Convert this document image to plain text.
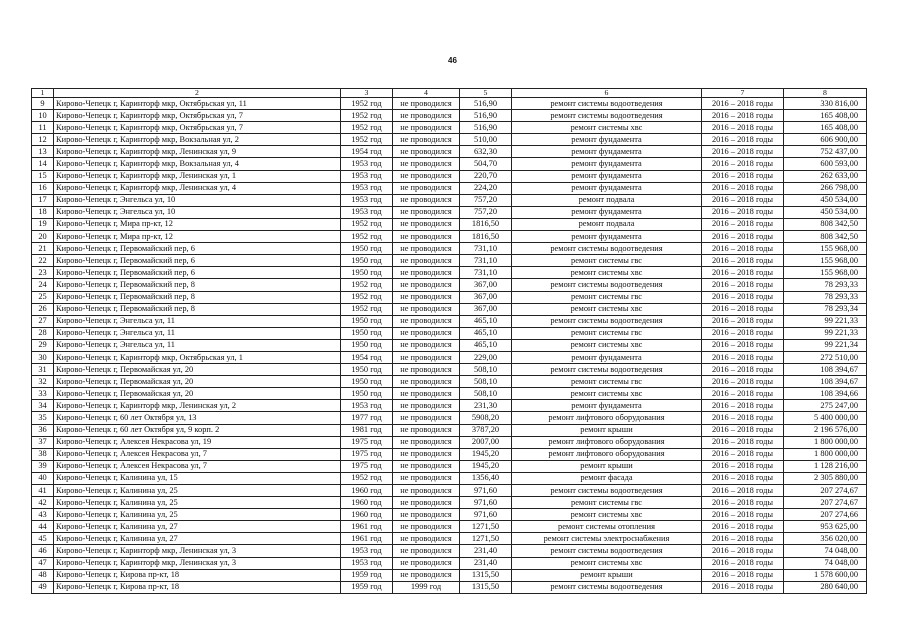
46
1	2	3	4	5	6	7	8
9	Кирово-Чепецк г, Каринторф мкр, Октябрьская ул, 11	1952 год	не проводился	516,90	ремонт системы водоотведения	2016 – 2018 годы	330 816,00
10	Кирово-Чепецк г, Каринторф мкр, Октябрьская ул, 7	1952 год	не проводился	516,90	ремонт системы водоотведения	2016 – 2018 годы	165 408,00
11	Кирово-Чепецк г, Каринторф мкр, Октябрьская ул, 7	1952 год	не проводился	516,90	ремонт системы хвс	2016 – 2018 годы	165 408,00
12	Кирово-Чепецк г, Каринторф мкр, Вокзальная ул, 2	1952 год	не проводился	510,00	ремонт фундамента	2016 – 2018 годы	606 900,00
13	Кирово-Чепецк г, Каринторф мкр, Ленинская ул, 9	1954 год	не проводился	632,30	ремонт фундамента	2016 – 2018 годы	752 437,00
14	Кирово-Чепецк г, Каринторф мкр, Вокзальная ул, 4	1953 год	не проводился	504,70	ремонт фундамента	2016 – 2018 годы	600 593,00
15	Кирово-Чепецк г, Каринторф мкр, Ленинская ул, 1	1953 год	не проводился	220,70	ремонт фундамента	2016 – 2018 годы	262 633,00
16	Кирово-Чепецк г, Каринторф мкр, Ленинская ул, 4	1953 год	не проводился	224,20	ремонт фундамента	2016 – 2018 годы	266 798,00
17	Кирово-Чепецк г, Энгельса ул, 10	1953 год	не проводился	757,20	ремонт подвала	2016 – 2018 годы	450 534,00
18	Кирово-Чепецк г, Энгельса ул, 10	1953 год	не проводился	757,20	ремонт фундамента	2016 – 2018 годы	450 534,00
19	Кирово-Чепецк г, Мира пр-кт, 12	1952 год	не проводился	1816,50	ремонт подвала	2016 – 2018 годы	808 342,50
20	Кирово-Чепецк г, Мира пр-кт, 12	1952 год	не проводился	1816,50	ремонт фундамента	2016 – 2018 годы	808 342,50
21	Кирово-Чепецк г, Первомайский пер, 6	1950 год	не проводился	731,10	ремонт системы водоотведения	2016 – 2018 годы	155 968,00
22	Кирово-Чепецк г, Первомайский пер, 6	1950 год	не проводился	731,10	ремонт системы гвс	2016 – 2018 годы	155 968,00
23	Кирово-Чепецк г, Первомайский пер, 6	1950 год	не проводился	731,10	ремонт системы хвс	2016 – 2018 годы	155 968,00
24	Кирово-Чепецк г, Первомайский пер, 8	1952 год	не проводился	367,00	ремонт системы водоотведения	2016 – 2018 годы	78 293,33
25	Кирово-Чепецк г, Первомайский пер, 8	1952 год	не проводился	367,00	ремонт системы гвс	2016 – 2018 годы	78 293,33
26	Кирово-Чепецк г, Первомайский пер, 8	1952 год	не проводился	367,00	ремонт системы хвс	2016 – 2018 годы	78 293,34
27	Кирово-Чепецк г, Энгельса ул, 11	1950 год	не проводился	465,10	ремонт системы водоотведения	2016 – 2018 годы	99 221,33
28	Кирово-Чепецк г, Энгельса ул, 11	1950 год	не проводился	465,10	ремонт системы гвс	2016 – 2018 годы	99 221,33
29	Кирово-Чепецк г, Энгельса ул, 11	1950 год	не проводился	465,10	ремонт системы хвс	2016 – 2018 годы	99 221,34
30	Кирово-Чепецк г, Каринторф мкр, Октябрьская ул, 1	1954 год	не проводился	229,00	ремонт фундамента	2016 – 2018 годы	272 510,00
31	Кирово-Чепецк г, Первомайская ул, 20	1950 год	не проводился	508,10	ремонт системы водоотведения	2016 – 2018 годы	108 394,67
32	Кирово-Чепецк г, Первомайская ул, 20	1950 год	не проводился	508,10	ремонт системы гвс	2016 – 2018 годы	108 394,67
33	Кирово-Чепецк г, Первомайская ул, 20	1950 год	не проводился	508,10	ремонт системы хвс	2016 – 2018 годы	108 394,66
34	Кирово-Чепецк г, Каринторф мкр, Ленинская ул, 2	1953 год	не проводился	231,30	ремонт фундамента	2016 – 2018 годы	275 247,00
35	Кирово-Чепецк г, 60 лет Октября ул, 13	1977 год	не проводился	5908,20	ремонт лифтового оборудования	2016 – 2018 годы	5 400 000,00
36	Кирово-Чепецк г, 60 лет Октября ул, 9 корп. 2	1981 год	не проводился	3787,20	ремонт крыши	2016 – 2018 годы	2 196 576,00
37	Кирово-Чепецк г, Алексея Некрасова ул, 19	1975 год	не проводился	2007,00	ремонт лифтового оборудования	2016 – 2018 годы	1 800 000,00
38	Кирово-Чепецк г, Алексея Некрасова ул, 7	1975 год	не проводился	1945,20	ремонт лифтового оборудования	2016 – 2018 годы	1 800 000,00
39	Кирово-Чепецк г, Алексея Некрасова ул, 7	1975 год	не проводился	1945,20	ремонт крыши	2016 – 2018 годы	1 128 216,00
40	Кирово-Чепецк г, Калинина ул, 15	1952 год	не проводился	1356,40	ремонт фасада	2016 – 2018 годы	2 305 880,00
41	Кирово-Чепецк г, Калинина ул, 25	1960 год	не проводился	971,60	ремонт системы водоотведения	2016 – 2018 годы	207 274,67
42	Кирово-Чепецк г, Калинина ул, 25	1960 год	не проводился	971,60	ремонт системы гвс	2016 – 2018 годы	207 274,67
43	Кирово-Чепецк г, Калинина ул, 25	1960 год	не проводился	971,60	ремонт системы хвс	2016 – 2018 годы	207 274,66
44	Кирово-Чепецк г, Калинина ул, 27	1961 год	не проводился	1271,50	ремонт системы отопления	2016 – 2018 годы	953 625,00
45	Кирово-Чепецк г, Калинина ул, 27	1961 год	не проводился	1271,50	ремонт системы электроснабжения	2016 – 2018 годы	356 020,00
46	Кирово-Чепецк г, Каринторф мкр, Ленинская ул, 3	1953 год	не проводился	231,40	ремонт системы водоотведения	2016 – 2018 годы	74 048,00
47	Кирово-Чепецк г, Каринторф мкр, Ленинская ул, 3	1953 год	не проводился	231,40	ремонт системы хвс	2016 – 2018 годы	74 048,00
48	Кирово-Чепецк г, Кирова пр-кт, 18	1959 год	не проводился	1315,50	ремонт крыши	2016 – 2018 годы	1 578 600,00
49	Кирово-Чепецк г, Кирова пр-кт, 18	1959 год	1999 год	1315,50	ремонт системы водоотведения	2016 – 2018 годы	280 640,00
